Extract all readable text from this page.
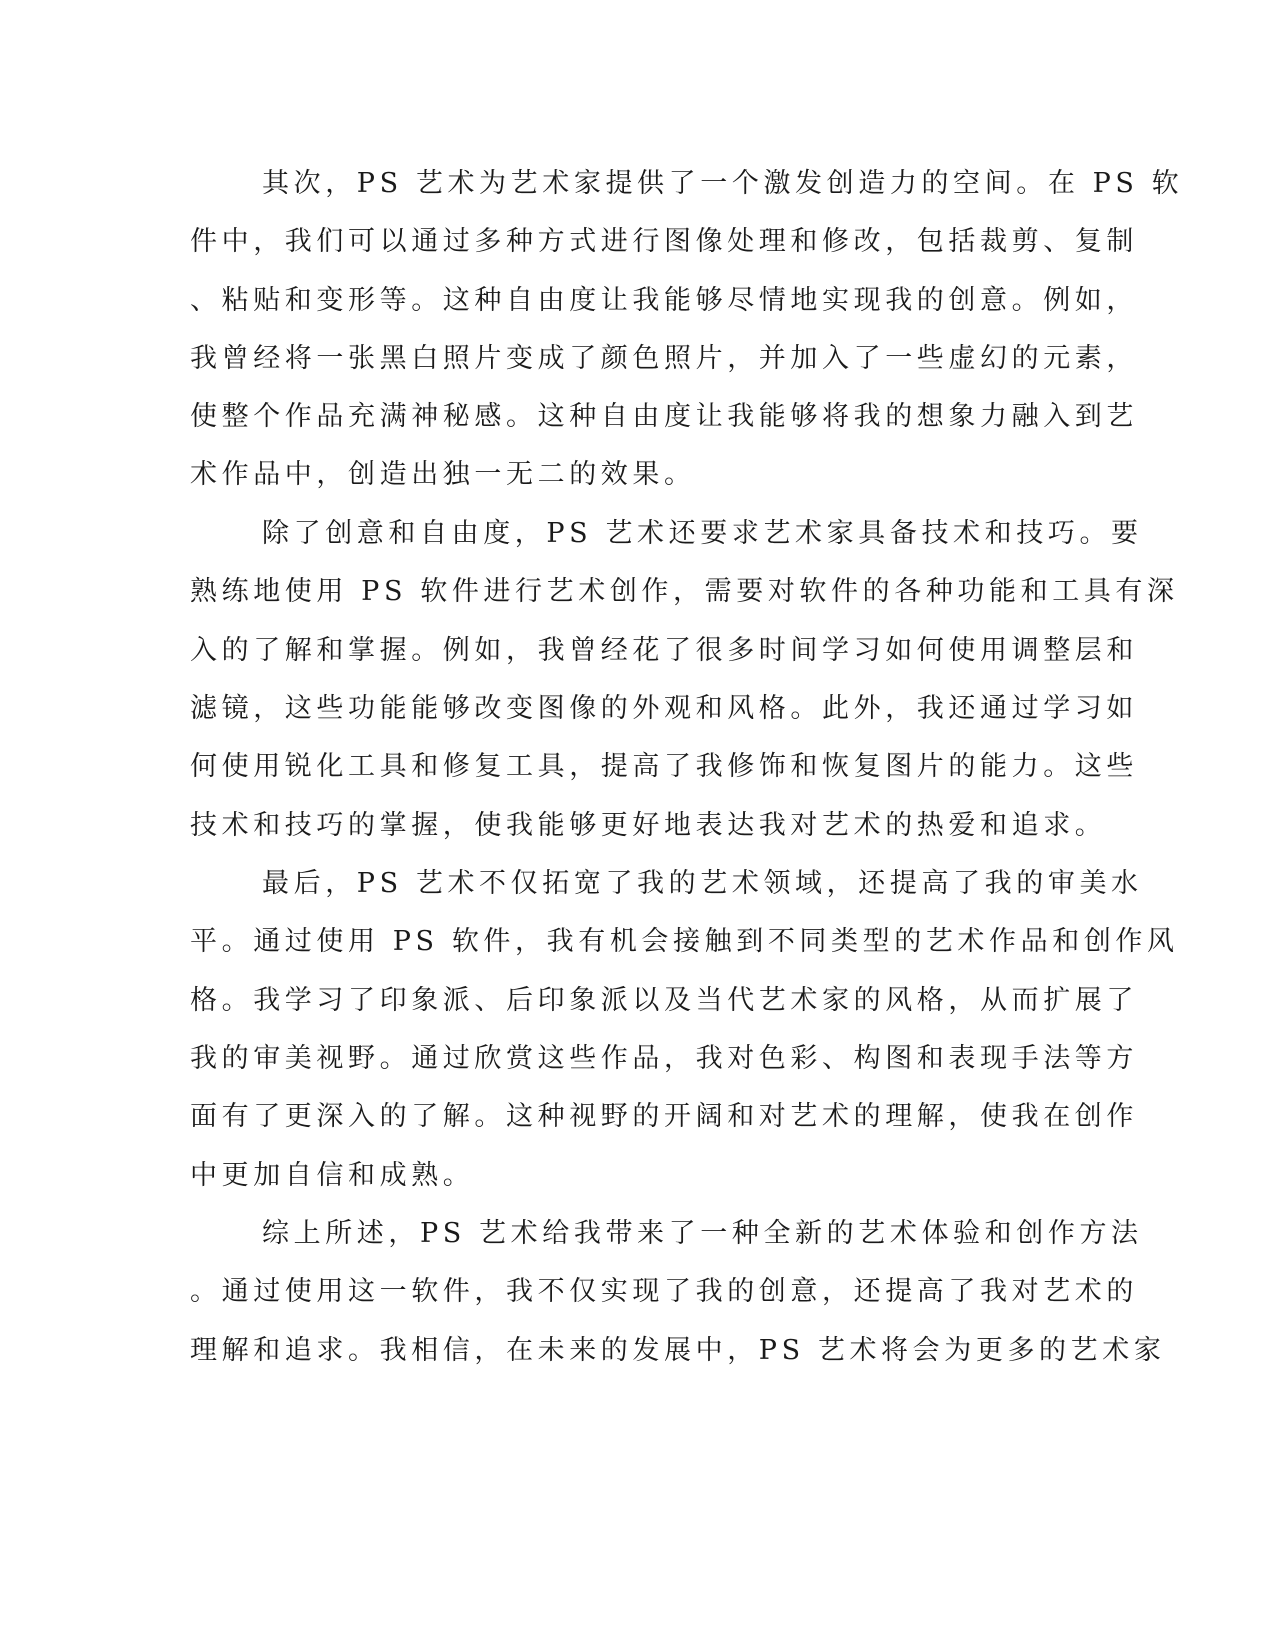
其次，PS 艺术为艺术家提供了一个激发创造力的空间。在 PS 软
件中，我们可以通过多种方式进行图像处理和修改，包括裁剪、复制
、粘贴和变形等。这种自由度让我能够尽情地实现我的创意。例如，
我曾经将一张黑白照片变成了颜色照片，并加入了一些虚幻的元素，
使整个作品充满神秘感。这种自由度让我能够将我的想象力融入到艺
术作品中，创造出独一无二的效果。
除了创意和自由度，PS 艺术还要求艺术家具备技术和技巧。要
熟练地使用 PS 软件进行艺术创作，需要对软件的各种功能和工具有深
入的了解和掌握。例如，我曾经花了很多时间学习如何使用调整层和
滤镜，这些功能能够改变图像的外观和风格。此外，我还通过学习如
何使用锐化工具和修复工具，提高了我修饰和恢复图片的能力。这些
技术和技巧的掌握，使我能够更好地表达我对艺术的热爱和追求。
最后，PS 艺术不仅拓宽了我的艺术领域，还提高了我的审美水
平。通过使用 PS 软件，我有机会接触到不同类型的艺术作品和创作风
格。我学习了印象派、后印象派以及当代艺术家的风格，从而扩展了
我的审美视野。通过欣赏这些作品，我对色彩、构图和表现手法等方
面有了更深入的了解。这种视野的开阔和对艺术的理解，使我在创作
中更加自信和成熟。
综上所述，PS 艺术给我带来了一种全新的艺术体验和创作方法
。通过使用这一软件，我不仅实现了我的创意，还提高了我对艺术的
理解和追求。我相信，在未来的发展中，PS 艺术将会为更多的艺术家
